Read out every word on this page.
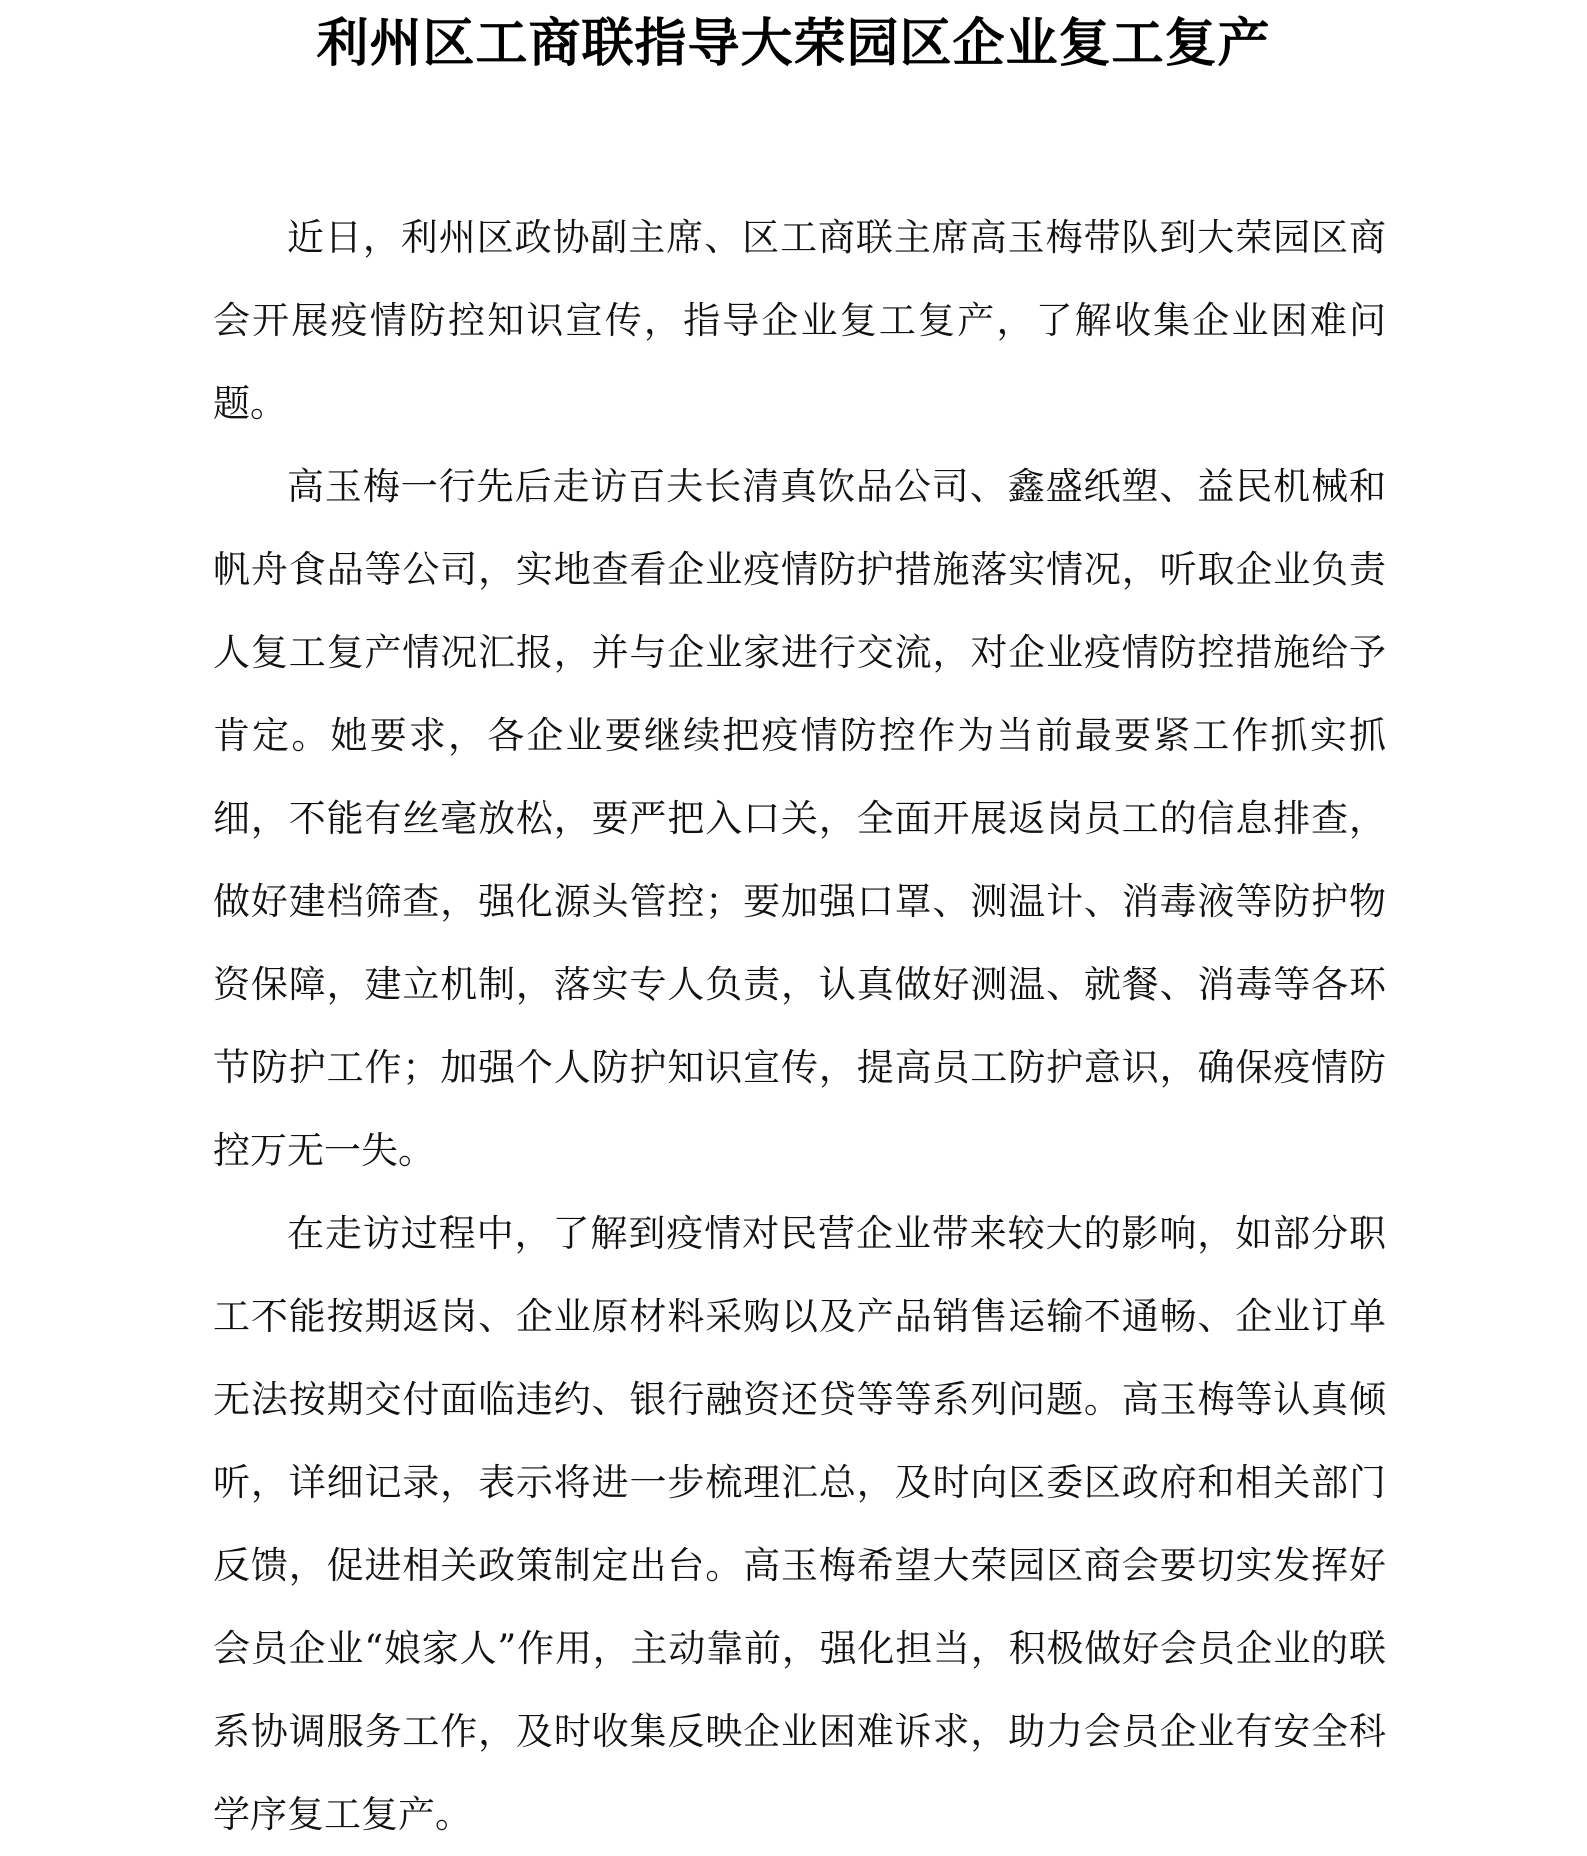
利州区工商联指导大荣园区企业复工复产

近日，利州区政协副主席、区工商联主席高玉梅带队到大荣园区商会开展疫情防控知识宣传，指导企业复工复产，了解收集企业困难问题。

高玉梅一行先后走访百夫长清真饮品公司、鑫盛纸塑、益民机械和帆舟食品等公司，实地查看企业疫情防护措施落实情况，听取企业负责人复工复产情况汇报，并与企业家进行交流，对企业疫情防控措施给予肯定。她要求，各企业要继续把疫情防控作为当前最要紧工作抓实抓细，不能有丝毫放松，要严把入口关，全面开展返岗员工的信息排查，做好建档筛查，强化源头管控；要加强口罩、测温计、消毒液等防护物资保障，建立机制，落实专人负责，认真做好测温、就餐、消毒等各环节防护工作；加强个人防护知识宣传，提高员工防护意识，确保疫情防控万无一失。

在走访过程中，了解到疫情对民营企业带来较大的影响，如部分职工不能按期返岗、企业原材料采购以及产品销售运输不通畅、企业订单无法按期交付面临违约、银行融资还贷等等系列问题。高玉梅等认真倾听，详细记录，表示将进一步梳理汇总，及时向区委区政府和相关部门反馈，促进相关政策制定出台。高玉梅希望大荣园区商会要切实发挥好会员企业“娘家人”作用，主动靠前，强化担当，积极做好会员企业的联系协调服务工作，及时收集反映企业困难诉求，助力会员企业有安全科学序复工复产。
